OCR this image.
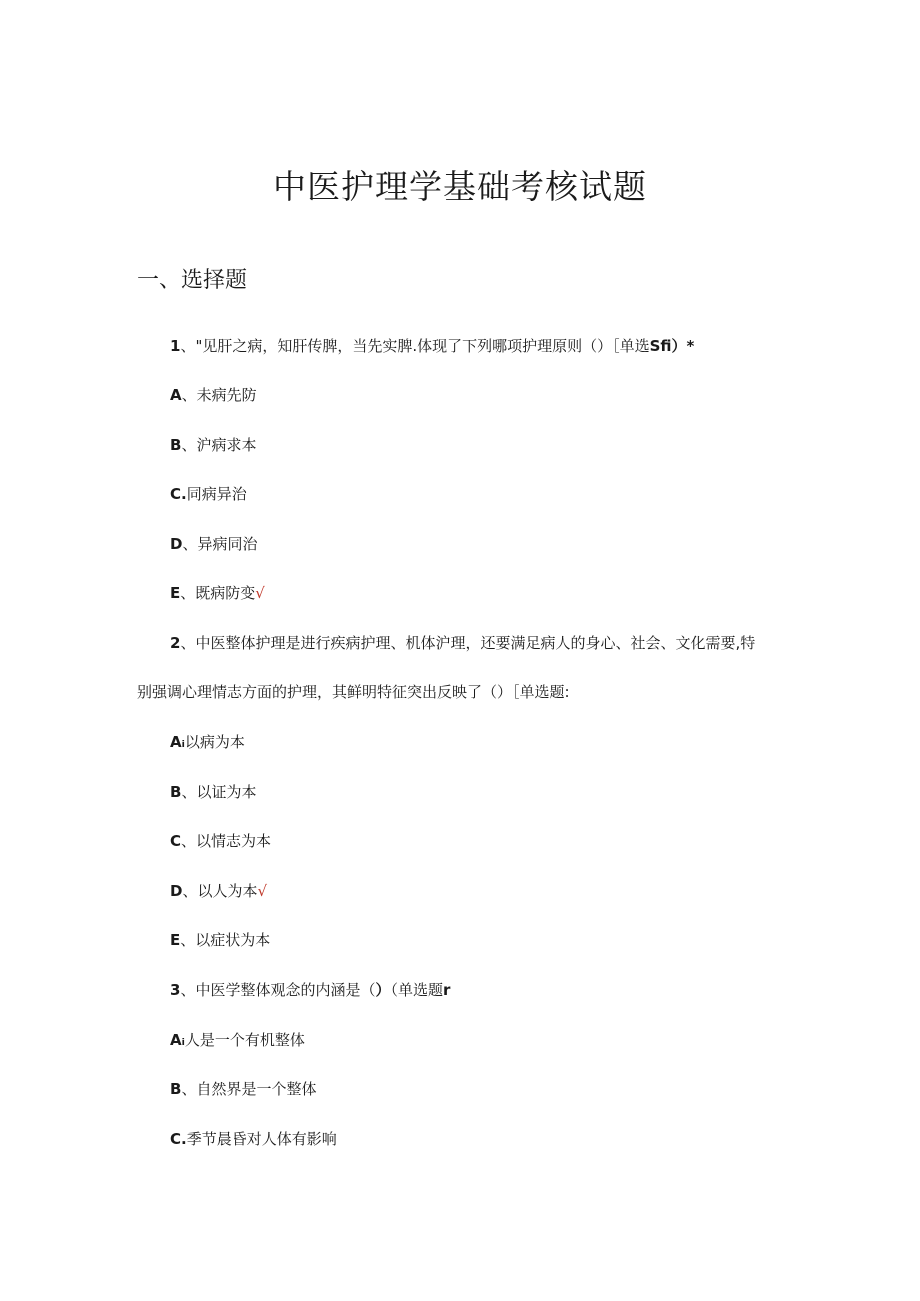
中医护理学基础考核试题
一、选择题
1、"见肝之病，知肝传脾，当先实脾.体现了下列哪项护理原则（）［单选Sfi）*
A、未病先防
B、沪病求本
C.同病异治
D、异病同治
E、既病防变√
2、中医整体护理是进行疾病护理、机体沪理，还要满足病人的身心、社会、文化需要,特
别强调心理情志方面的护理，其鲜明特征突出反映了（）［单选题:
Aᵢ以病为本
B、以证为本
C、以情志为本
D、以人为本√
E、以症状为本
3、中医学整体观念的内涵是（）（单选题r
Aᵢ人是一个有机整体
B、自然界是一个整体
C.季节晨昏对人体有影响
